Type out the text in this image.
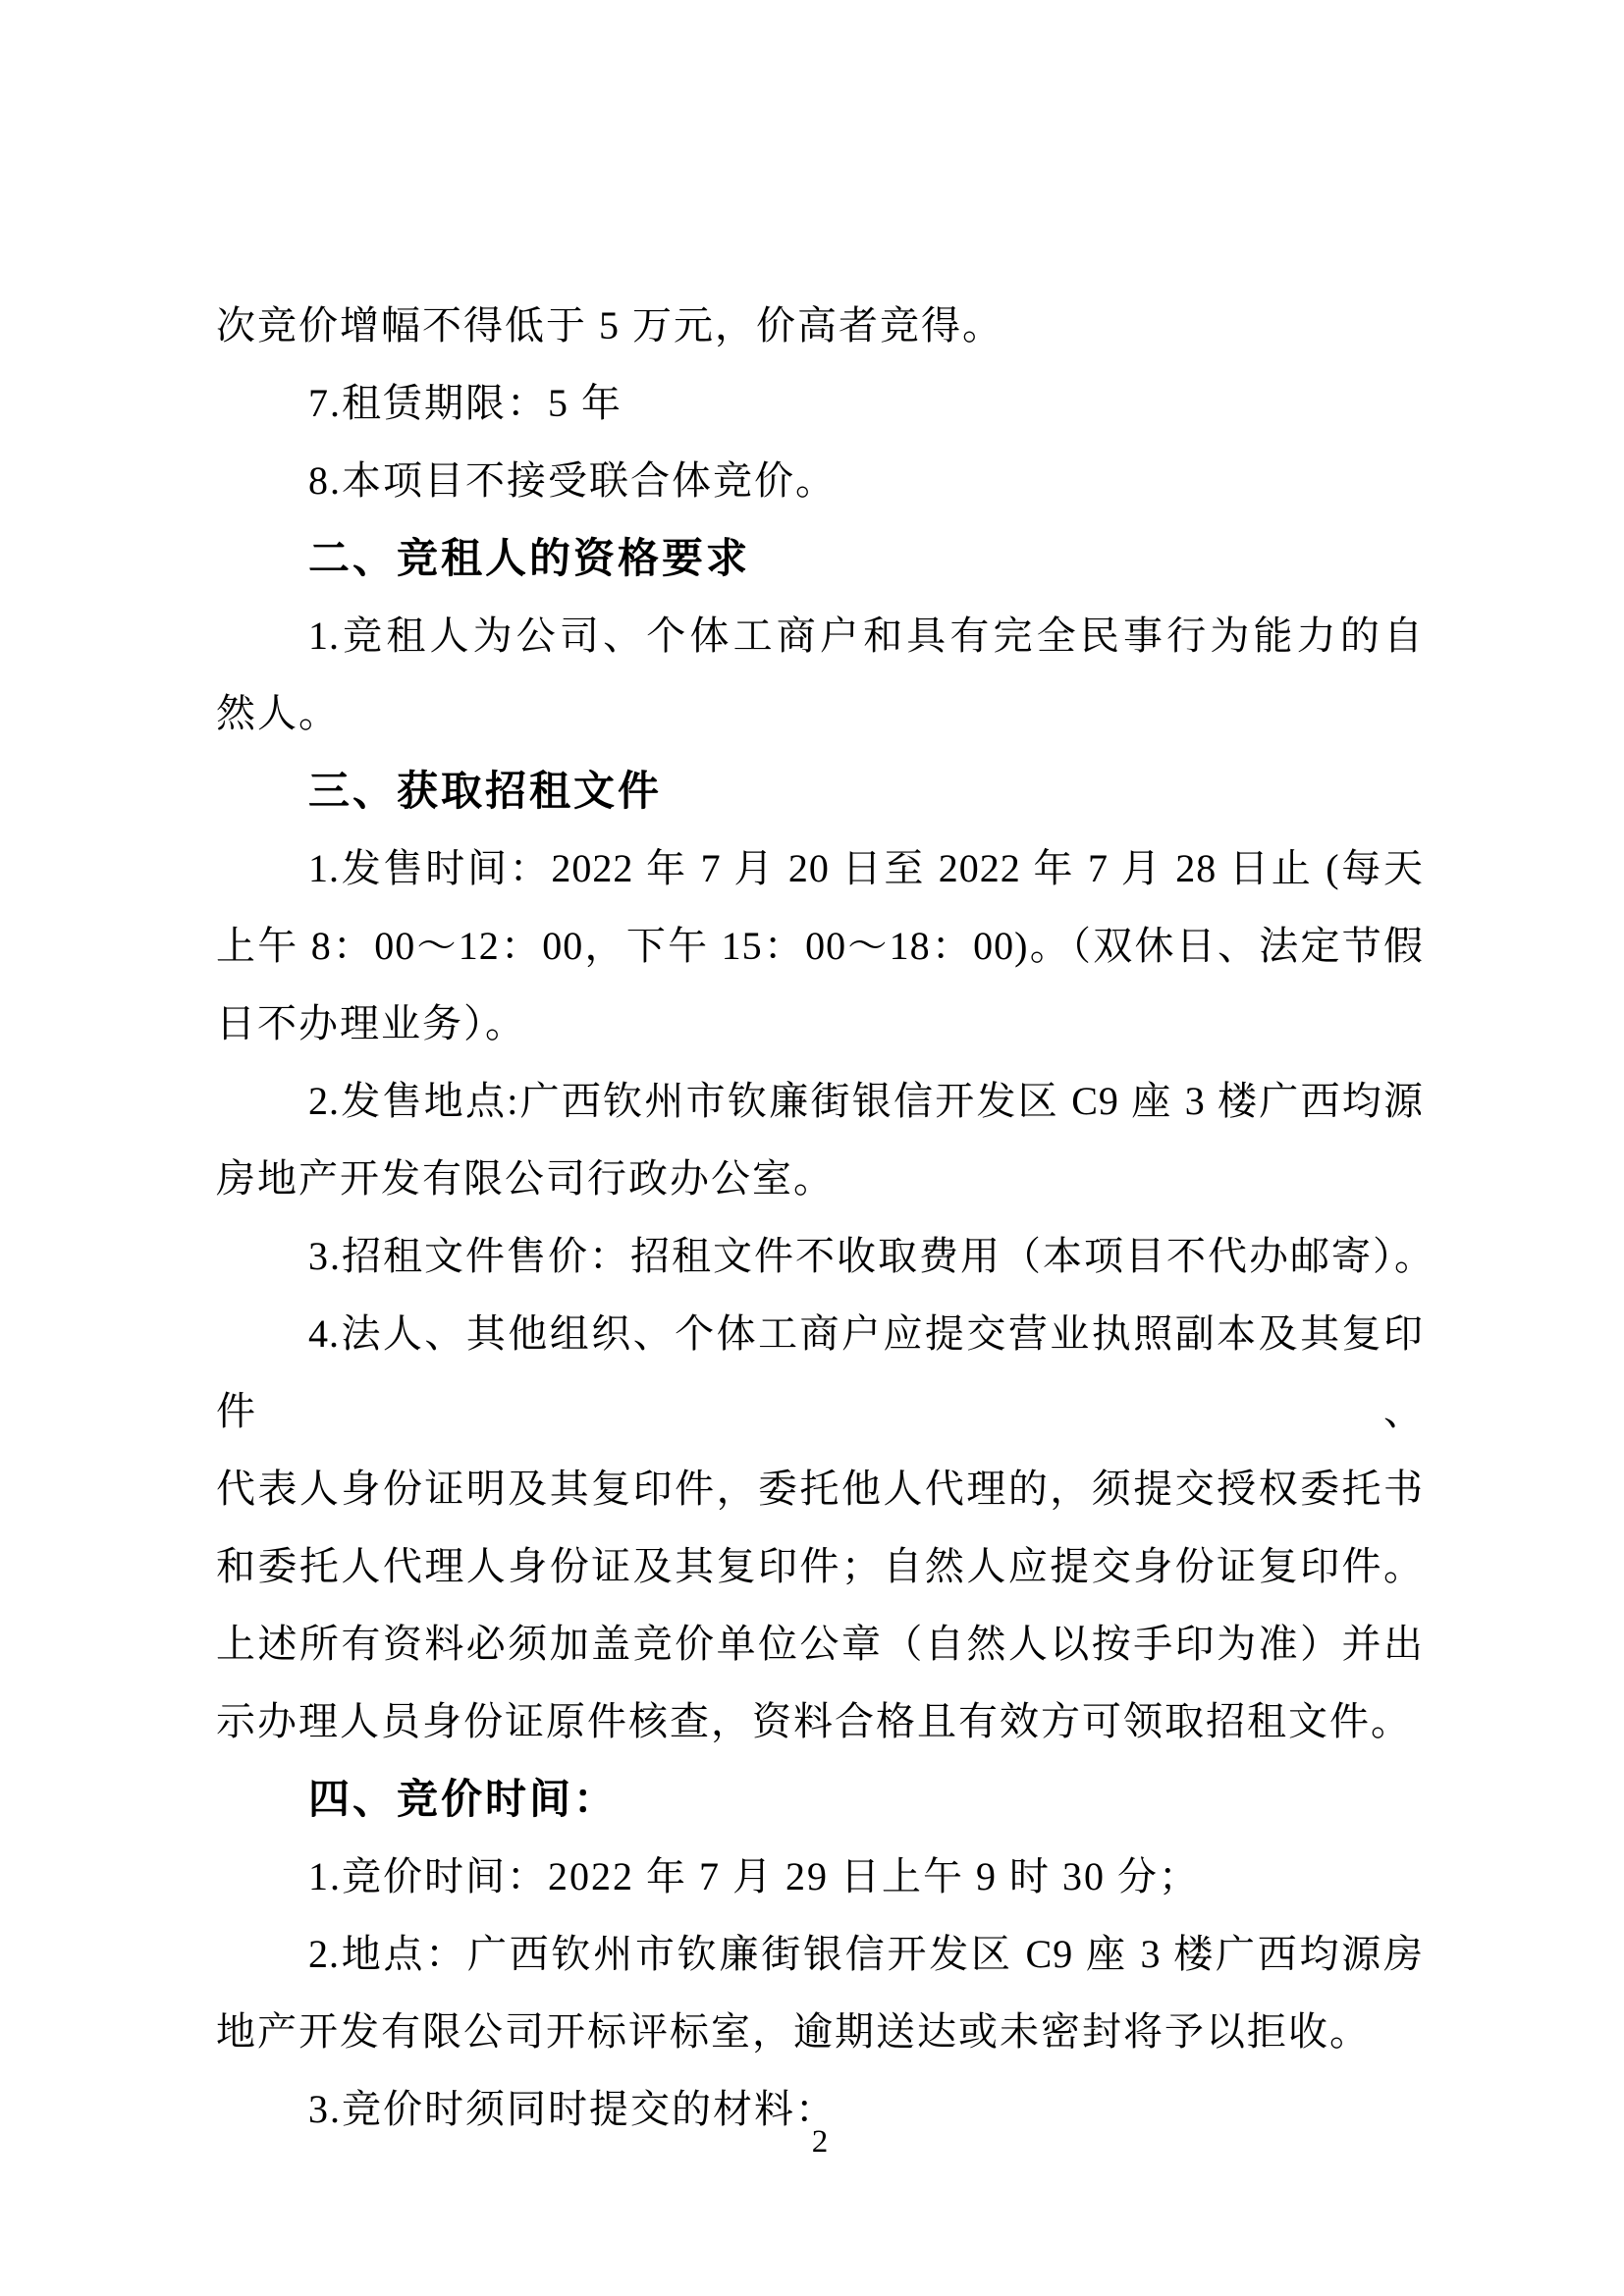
次竞价增幅不得低于 5 万元，价高者竞得。
7.租赁期限：5 年
8.本项目不接受联合体竞价。
二、竞租人的资格要求
1.竞租人为公司、个体工商户和具有完全民事行为能力的自
然人。
三、获取招租文件
1.发售时间：2022 年 7 月 20 日至 2022 年 7 月 28 日止 (每天
上午 8：00～12：00，下午 15：00～18：00)。（双休日、法定节假
日不办理业务）。
2.发售地点:广西钦州市钦廉街银信开发区 C9 座 3 楼广西均源
房地产开发有限公司行政办公室。
3.招租文件售价：招租文件不收取费用（本项目不代办邮寄）。
4.法人、其他组织、个体工商户应提交营业执照副本及其复印件、
代表人身份证明及其复印件，委托他人代理的，须提交授权委托书
和委托人代理人身份证及其复印件；自然人应提交身份证复印件。
上述所有资料必须加盖竞价单位公章（自然人以按手印为准）并出
示办理人员身份证原件核查，资料合格且有效方可领取招租文件。
四、竞价时间：
1.竞价时间：2022 年 7 月 29 日上午 9 时 30 分；
2.地点：广西钦州市钦廉街银信开发区 C9 座 3 楼广西均源房
地产开发有限公司开标评标室，逾期送达或未密封将予以拒收。
3.竞价时须同时提交的材料：
2
